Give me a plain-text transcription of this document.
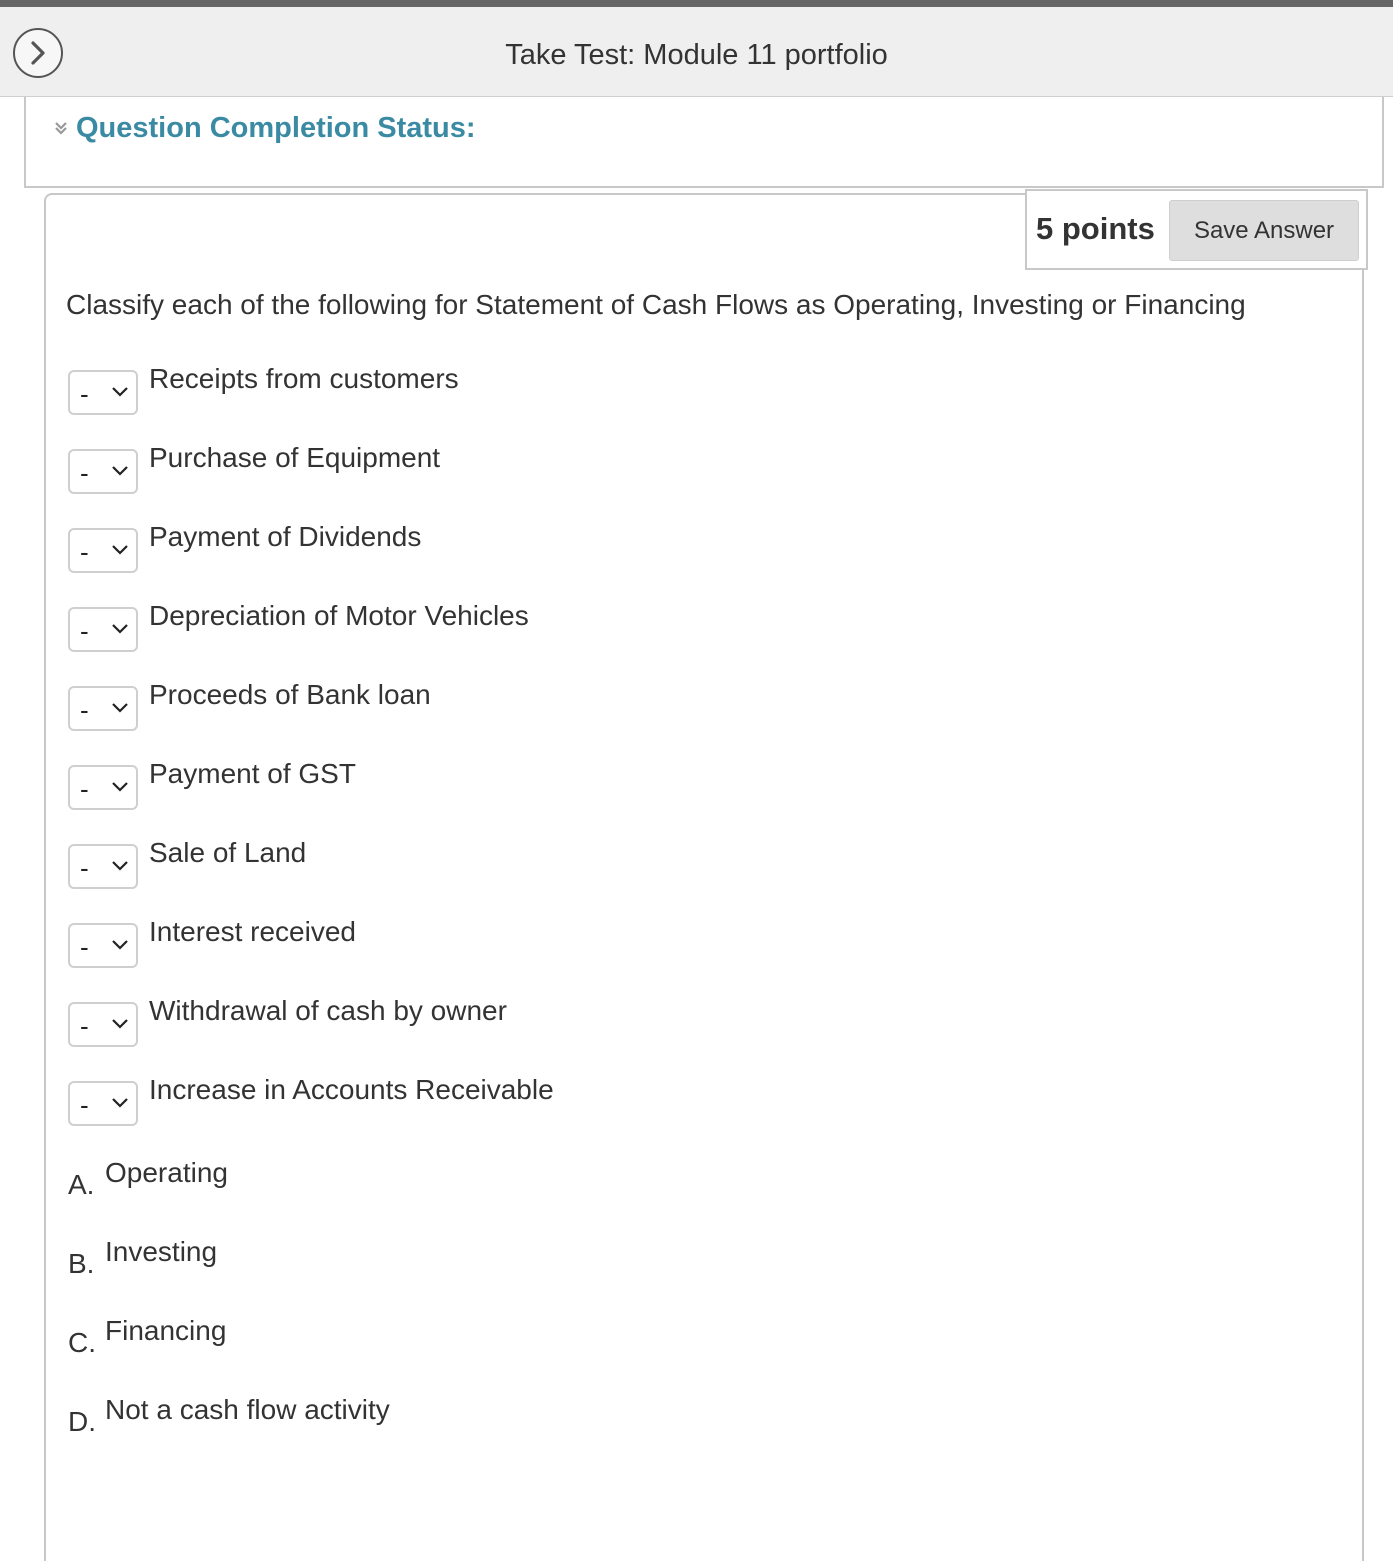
Take Test: Module 11 portfolio
Question Completion Status:
5 points	Save Answer
Classify each of the following for Statement of Cash Flows as Operating, Investing or Financing
- Receipts from customers
- Purchase of Equipment
- Payment of Dividends
- Depreciation of Motor Vehicles
- Proceeds of Bank loan
- Payment of GST
- Sale of Land
- Interest received
- Withdrawal of cash by owner
- Increase in Accounts Receivable
A. Operating
B. Investing
C. Financing
D. Not a cash flow activity
